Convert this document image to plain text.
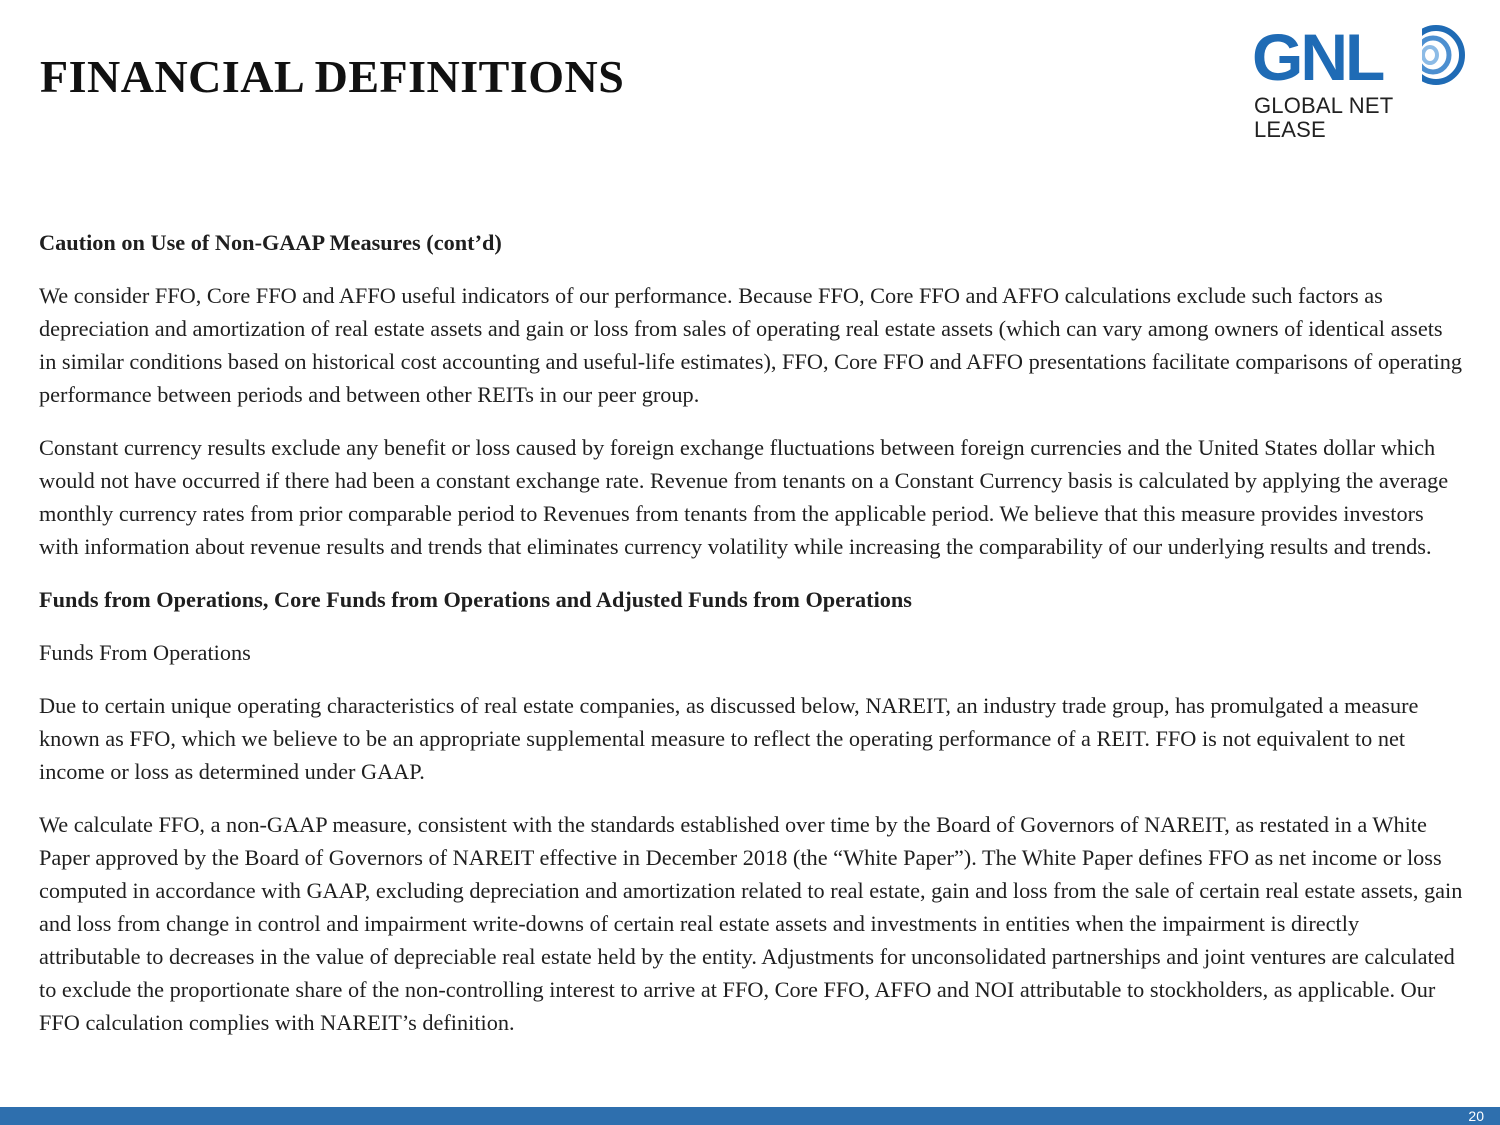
FINANCIAL DEFINITIONS	GNL
GLOBAL NET LEASE

Caution on Use of Non-GAAP Measures (cont’d)

We consider FFO, Core FFO and AFFO useful indicators of our performance. Because FFO, Core FFO and AFFO calculations exclude such factors as depreciation and amortization of real estate assets and gain or loss from sales of operating real estate assets (which can vary among owners of identical assets in similar conditions based on historical cost accounting and useful-life estimates), FFO, Core FFO and AFFO presentations facilitate comparisons of operating performance between periods and between other REITs in our peer group.

Constant currency results exclude any benefit or loss caused by foreign exchange fluctuations between foreign currencies and the United States dollar which would not have occurred if there had been a constant exchange rate. Revenue from tenants on a Constant Currency basis is calculated by applying the average monthly currency rates from prior comparable period to Revenues from tenants from the applicable period. We believe that this measure provides investors with information about revenue results and trends that eliminates currency volatility while increasing the comparability of our underlying results and trends.

Funds from Operations, Core Funds from Operations and Adjusted Funds from Operations

Funds From Operations

Due to certain unique operating characteristics of real estate companies, as discussed below, NAREIT, an industry trade group, has promulgated a measure known as FFO, which we believe to be an appropriate supplemental measure to reflect the operating performance of a REIT. FFO is not equivalent to net income or loss as determined under GAAP.

We calculate FFO, a non-GAAP measure, consistent with the standards established over time by the Board of Governors of NAREIT, as restated in a White Paper approved by the Board of Governors of NAREIT effective in December 2018 (the “White Paper”). The White Paper defines FFO as net income or loss computed in accordance with GAAP, excluding depreciation and amortization related to real estate, gain and loss from the sale of certain real estate assets, gain and loss from change in control and impairment write-downs of certain real estate assets and investments in entities when the impairment is directly attributable to decreases in the value of depreciable real estate held by the entity. Adjustments for unconsolidated partnerships and joint ventures are calculated to exclude the proportionate share of the non-controlling interest to arrive at FFO, Core FFO, AFFO and NOI attributable to stockholders, as applicable. Our FFO calculation complies with NAREIT’s definition.

20
